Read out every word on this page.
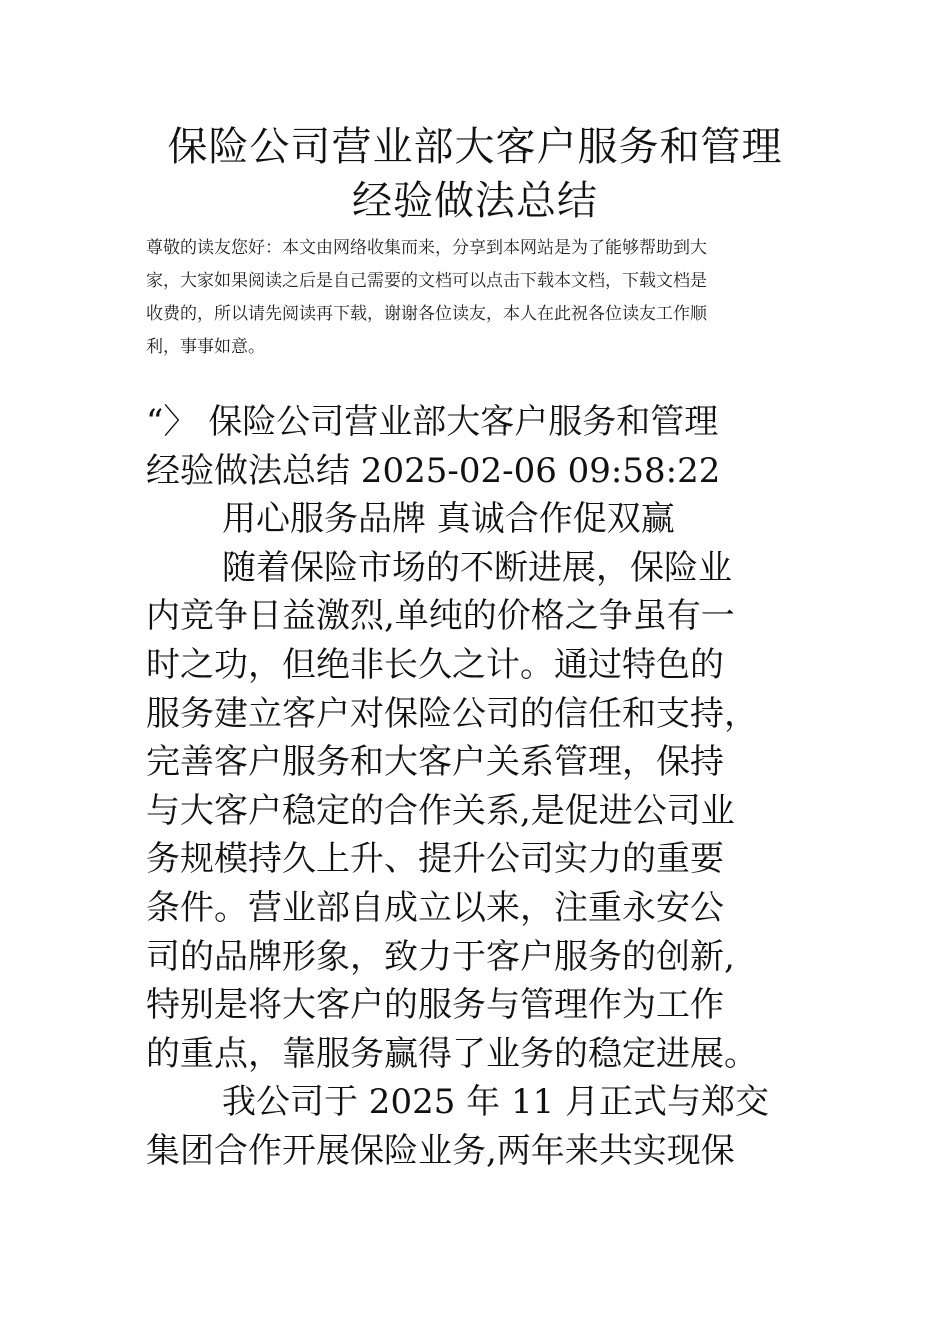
保险公司营业部大客户服务和管理
经验做法总结
尊敬的读友您好：本文由网络收集而来，分享到本网站是为了能够帮助到大
家，大家如果阅读之后是自己需要的文档可以点击下载本文档，下载文档是
收费的，所以请先阅读再下载，谢谢各位读友，本人在此祝各位读友工作顺
利，事事如意。
“〉 保险公司营业部大客户服务和管理
经验做法总结 2025-02-06 09:58:22
用心服务品牌 真诚合作促双赢
随着保险市场的不断进展，保险业
内竞争日益激烈,单纯的价格之争虽有一
时之功，但绝非长久之计。通过特色的
服务建立客户对保险公司的信任和支持，
完善客户服务和大客户关系管理，保持
与大客户稳定的合作关系,是促进公司业
务规模持久上升、提升公司实力的重要
条件。营业部自成立以来，注重永安公
司的品牌形象，致力于客户服务的创新,
特别是将大客户的服务与管理作为工作
的重点，靠服务赢得了业务的稳定进展。
我公司于 2025 年 11 月正式与郑交
集团合作开展保险业务,两年来共实现保
